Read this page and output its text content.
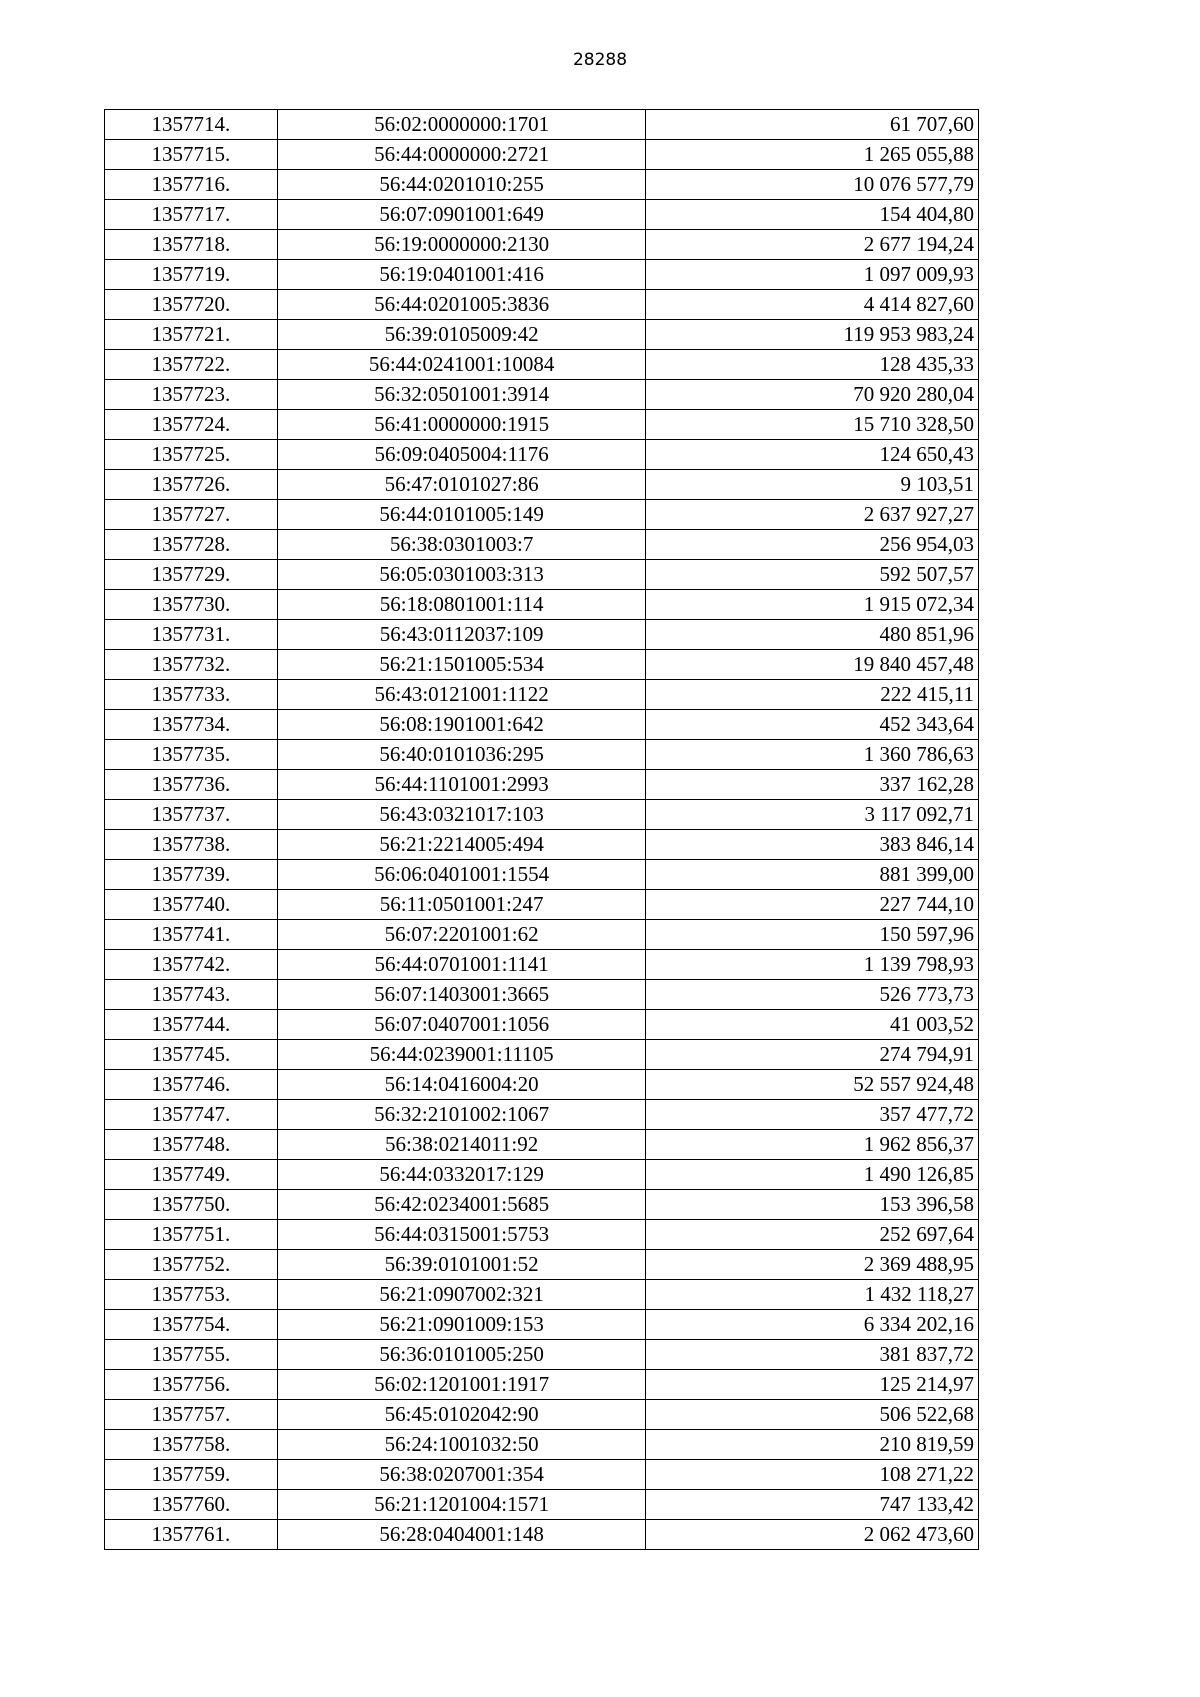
28288
1357714.	56:02:0000000:1701	61 707,60
1357715.	56:44:0000000:2721	1 265 055,88
1357716.	56:44:0201010:255	10 076 577,79
1357717.	56:07:0901001:649	154 404,80
1357718.	56:19:0000000:2130	2 677 194,24
1357719.	56:19:0401001:416	1 097 009,93
1357720.	56:44:0201005:3836	4 414 827,60
1357721.	56:39:0105009:42	119 953 983,24
1357722.	56:44:0241001:10084	128 435,33
1357723.	56:32:0501001:3914	70 920 280,04
1357724.	56:41:0000000:1915	15 710 328,50
1357725.	56:09:0405004:1176	124 650,43
1357726.	56:47:0101027:86	9 103,51
1357727.	56:44:0101005:149	2 637 927,27
1357728.	56:38:0301003:7	256 954,03
1357729.	56:05:0301003:313	592 507,57
1357730.	56:18:0801001:114	1 915 072,34
1357731.	56:43:0112037:109	480 851,96
1357732.	56:21:1501005:534	19 840 457,48
1357733.	56:43:0121001:1122	222 415,11
1357734.	56:08:1901001:642	452 343,64
1357735.	56:40:0101036:295	1 360 786,63
1357736.	56:44:1101001:2993	337 162,28
1357737.	56:43:0321017:103	3 117 092,71
1357738.	56:21:2214005:494	383 846,14
1357739.	56:06:0401001:1554	881 399,00
1357740.	56:11:0501001:247	227 744,10
1357741.	56:07:2201001:62	150 597,96
1357742.	56:44:0701001:1141	1 139 798,93
1357743.	56:07:1403001:3665	526 773,73
1357744.	56:07:0407001:1056	41 003,52
1357745.	56:44:0239001:11105	274 794,91
1357746.	56:14:0416004:20	52 557 924,48
1357747.	56:32:2101002:1067	357 477,72
1357748.	56:38:0214011:92	1 962 856,37
1357749.	56:44:0332017:129	1 490 126,85
1357750.	56:42:0234001:5685	153 396,58
1357751.	56:44:0315001:5753	252 697,64
1357752.	56:39:0101001:52	2 369 488,95
1357753.	56:21:0907002:321	1 432 118,27
1357754.	56:21:0901009:153	6 334 202,16
1357755.	56:36:0101005:250	381 837,72
1357756.	56:02:1201001:1917	125 214,97
1357757.	56:45:0102042:90	506 522,68
1357758.	56:24:1001032:50	210 819,59
1357759.	56:38:0207001:354	108 271,22
1357760.	56:21:1201004:1571	747 133,42
1357761.	56:28:0404001:148	2 062 473,60
